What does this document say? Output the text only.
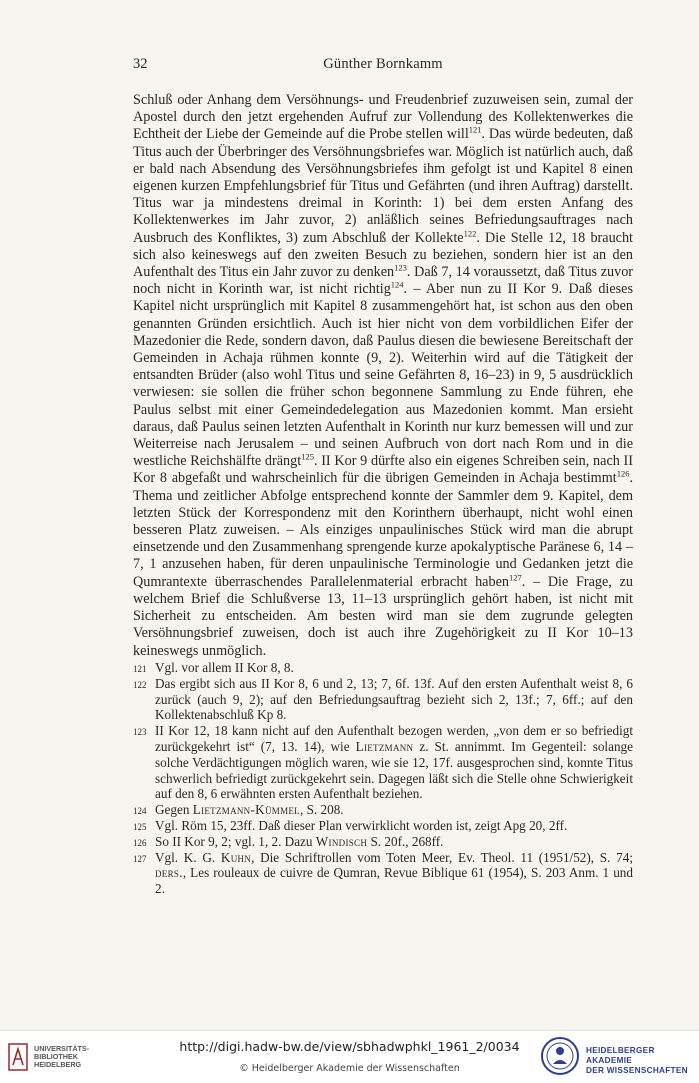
32	Günther Bornkamm

Schluß oder Anhang dem Versöhnungs- und Freudenbrief zuzuweisen sein, zumal der Apostel durch den jetzt ergehenden Aufruf zur Vollendung des Kollektenwerkes die Echtheit der Liebe der Gemeinde auf die Probe stellen will$^{121}$. Das würde bedeuten, daß Titus auch der Überbringer des Versöhnungsbriefes war. Möglich ist natürlich auch, daß er bald nach Absendung des Versöhnungsbriefes ihm gefolgt ist und Kapitel 8 einen eigenen kurzen Empfehlungsbrief für Titus und Gefährten (und ihren Auftrag) darstellt. Titus war ja mindestens dreimal in Korinth: 1) bei dem ersten Anfang des Kollektenwerkes im Jahr zuvor, 2) anläßlich seines Befriedungsauftrages nach Ausbruch des Konfliktes, 3) zum Abschluß der Kollekte$^{122}$. Die Stelle 12, 18 braucht sich also keineswegs auf den zweiten Besuch zu beziehen, sondern hier ist an den Aufenthalt des Titus ein Jahr zuvor zu denken$^{123}$. Daß 7, 14 voraussetzt, daß Titus zuvor noch nicht in Korinth war, ist nicht richtig$^{124}$. – Aber nun zu II Kor 9. Daß dieses Kapitel nicht ursprünglich mit Kapitel 8 zusammengehört hat, ist schon aus den oben genannten Gründen ersichtlich. Auch ist hier nicht von dem vorbildlichen Eifer der Mazedonier die Rede, sondern davon, daß Paulus diesen die bewiesene Bereitschaft der Gemeinden in Achaja rühmen konnte (9, 2). Weiterhin wird auf die Tätigkeit der entsandten Brüder (also wohl Titus und seine Gefährten 8, 16–23) in 9, 5 ausdrücklich verwiesen: sie sollen die früher schon begonnene Sammlung zu Ende führen, ehe Paulus selbst mit einer Gemeindedelegation aus Mazedonien kommt. Man ersieht daraus, daß Paulus seinen letzten Aufenthalt in Korinth nur kurz bemessen will und zur Weiterreise nach Jerusalem – und seinen Aufbruch von dort nach Rom und in die westliche Reichshälfte drängt$^{125}$. II Kor 9 dürfte also ein eigenes Schreiben sein, nach II Kor 8 abgefaßt und wahrscheinlich für die übrigen Gemeinden in Achaja bestimmt$^{126}$. Thema und zeitlicher Abfolge entsprechend konnte der Sammler dem 9. Kapitel, dem letzten Stück der Korrespondenz mit den Korinthern überhaupt, nicht wohl einen besseren Platz zuweisen. – Als einziges unpaulinisches Stück wird man die abrupt einsetzende und den Zusammenhang sprengende kurze apokalyptische Paränese 6, 14 – 7, 1 anzusehen haben, für deren unpaulinische Terminologie und Gedanken jetzt die Qumrantexte überraschendes Parallelenmaterial erbracht haben$^{127}$. – Die Frage, zu welchem Brief die Schlußverse 13, 11–13 ursprünglich gehört haben, ist nicht mit Sicherheit zu entscheiden. Am besten wird man sie dem zugrunde gelegten Versöhnungsbrief zuweisen, doch ist auch ihre Zugehörigkeit zu II Kor 10–13 keineswegs unmöglich.

121 Vgl. vor allem II Kor 8, 8.

122 Das ergibt sich aus II Kor 8, 6 und 2, 13; 7, 6f. 13f. Auf den ersten Aufenthalt weist 8, 6 zurück (auch 9, 2); auf den Befriedungsauftrag bezieht sich 2, 13f.; 7, 6ff.; auf den Kollektenabschluß Kp 8.

123 II Kor 12, 18 kann nicht auf den Aufenthalt bezogen werden, „von dem er so befriedigt zurückgekehrt ist“ (7, 13. 14), wie Lietzmann z. St. annimmt. Im Gegenteil: solange solche Verdächtigungen möglich waren, wie sie 12, 17f. ausgesprochen sind, konnte Titus schwerlich befriedigt zurückgekehrt sein. Dagegen läßt sich die Stelle ohne Schwierigkeit auf den 8, 6 erwähnten ersten Aufenthalt beziehen.

124 Gegen Lietzmann-Kümmel, S. 208.

125 Vgl. Röm 15, 23ff. Daß dieser Plan verwirklicht worden ist, zeigt Apg 20, 2ff.

126 So II Kor 9, 2; vgl. 1, 2. Dazu Windisch S. 20f., 268ff.

127 Vgl. K. G. Kuhn, Die Schriftrollen vom Toten Meer, Ev. Theol. 11 (1951/52), S. 74; ders., Les rouleaux de cuivre de Qumran, Revue Biblique 61 (1954), S. 203 Anm. 1 und 2.

UNIVERSITÄTS-
BIBLIOTHEK
HEIDELBERG
http://digi.hadw-bw.de/view/sbhadwphkl_1961_2/0034
© Heidelberger Akademie der Wissenschaften
HEIDELBERGER AKADEMIE
DER WISSENSCHAFTEN
